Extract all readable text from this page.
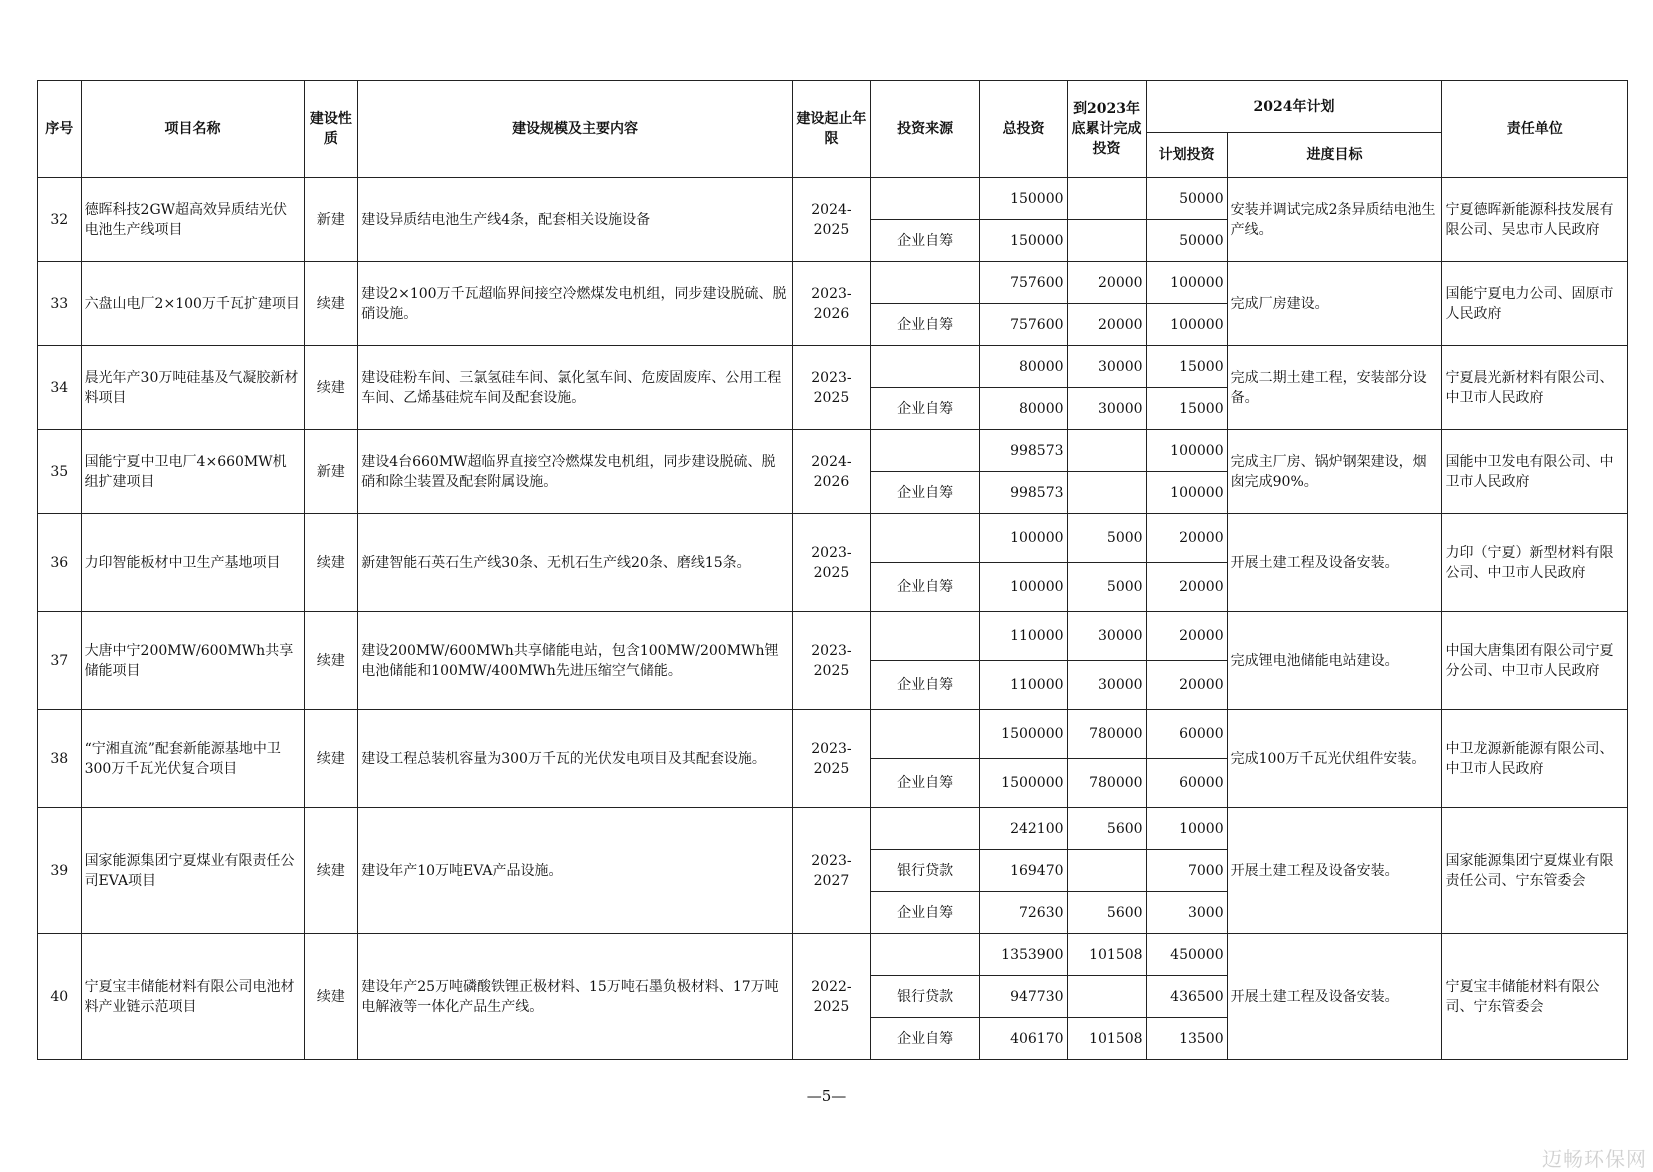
序号	项目名称	建设性质	建设规模及主要内容	建设起止年限	投资来源	总投资	到2023年底累计完成投资	2024年计划		责任单位
								计划投资	进度目标	
32	德晖科技2GW超高效异质结光伏电池生产线项目	新建	建设异质结电池生产线4条，配套相关设施设备	2024-2025		150000		50000	安装并调试完成2条异质结电池生产线。	宁夏德晖新能源科技发展有限公司、吴忠市人民政府
					企业自筹	150000		50000		
33	六盘山电厂2×100万千瓦扩建项目	续建	建设2×100万千瓦超临界间接空冷燃煤发电机组，同步建设脱硫、脱硝设施。	2023-2026		757600	20000	100000	完成厂房建设。	国能宁夏电力公司、固原市人民政府
					企业自筹	757600	20000	100000		
34	晨光年产30万吨硅基及气凝胶新材料项目	续建	建设硅粉车间、三氯氢硅车间、氯化氢车间、危废固废库、公用工程车间、乙烯基硅烷车间及配套设施。	2023-2025		80000	30000	15000	完成二期土建工程，安装部分设备。	宁夏晨光新材料有限公司、中卫市人民政府
					企业自筹	80000	30000	15000		
35	国能宁夏中卫电厂4×660MW机组扩建项目	新建	建设4台660MW超临界直接空冷燃煤发电机组，同步建设脱硫、脱硝和除尘装置及配套附属设施。	2024-2026		998573		100000	完成主厂房、锅炉钢架建设，烟囱完成90%。	国能中卫发电有限公司、中卫市人民政府
					企业自筹	998573		100000		
36	力印智能板材中卫生产基地项目	续建	新建智能石英石生产线30条、无机石生产线20条、磨线15条。	2023-2025		100000	5000	20000	开展土建工程及设备安装。	力印（宁夏）新型材料有限公司、中卫市人民政府
					企业自筹	100000	5000	20000		
37	大唐中宁200MW/600MWh共享储能项目	续建	建设200MW/600MWh共享储能电站，包含100MW/200MWh锂电池储能和100MW/400MWh先进压缩空气储能。	2023-2025		110000	30000	20000	完成锂电池储能电站建设。	中国大唐集团有限公司宁夏分公司、中卫市人民政府
					企业自筹	110000	30000	20000		
38	“宁湘直流”配套新能源基地中卫300万千瓦光伏复合项目	续建	建设工程总装机容量为300万千瓦的光伏发电项目及其配套设施。	2023-2025		1500000	780000	60000	完成100万千瓦光伏组件安装。	中卫龙源新能源有限公司、中卫市人民政府
					企业自筹	1500000	780000	60000		
39	国家能源集团宁夏煤业有限责任公司EVA项目	续建	建设年产10万吨EVA产品设施。	2023-2027		242100	5600	10000	开展土建工程及设备安装。	国家能源集团宁夏煤业有限责任公司、宁东管委会
					银行贷款	169470		7000		
					企业自筹	72630	5600	3000		
40	宁夏宝丰储能材料有限公司电池材料产业链示范项目	续建	建设年产25万吨磷酸铁锂正极材料、15万吨石墨负极材料、17万吨电解液等一体化产品生产线。	2022-2025		1353900	101508	450000	开展土建工程及设备安装。	宁夏宝丰储能材料有限公司、宁东管委会
					银行贷款	947730		436500		
					企业自筹	406170	101508	13500		
—5—
迈畅环保网
